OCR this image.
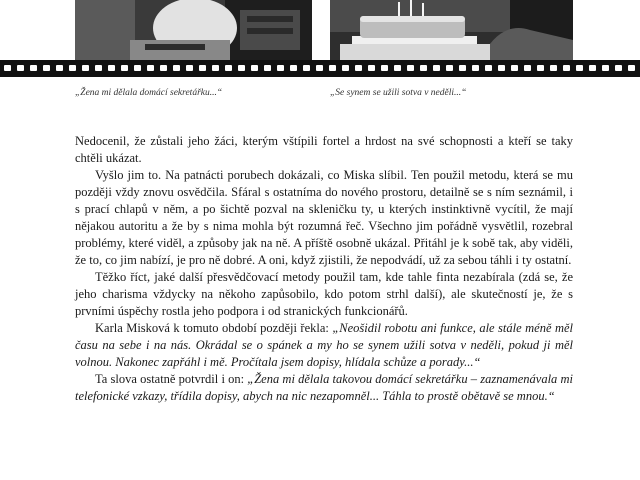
„Žena mi dělala domácí sekretářku...“	„Se synem se užili sotva v neděli...“

Nedocenil, že zůstali jeho žáci, kterým vštípili fortel a hrdost na své schopnosti a kteří se taky chtěli ukázat.

Vyšlo jim to. Na patnácti porubech dokázali, co Miska slíbil. Ten použil metodu, která se mu později vždy znovu osvědčila. Sfáral s ostatníma do nového prostoru, detailně se s ním seznámil, i s prací chlapů v něm, a po šichtě pozval na skleničku ty, u kterých instinktivně vycítil, že mají nějakou autoritu a že by s nima mohla být rozumná řeč. Všechno jim pořádně vysvětlil, rozebral problémy, které viděl, a způsoby jak na ně. A příště osobně ukázal. Přitáhl je k sobě tak, aby viděli, že to, co jim nabízí, je pro ně dobré. A oni, když zjistili, že nepodvádí, už za sebou táhli i ty ostatní.

Těžko říct, jaké další přesvědčovací metody použil tam, kde tahle finta nezabírala (zdá se, že jeho charisma vždycky na někoho zapůsobilo, kdo potom strhl další), ale skutečností je, že s prvními úspěchy rostla jeho podpora i od stranických funkcionářů.

Karla Misková k tomuto období později řekla: „Neošidil robotu ani funkce, ale stále méně měl času na sebe i na nás. Okrádal se o spánek a my ho se synem užili sotva v neděli, pokud ji měl volnou. Nakonec zapřáhl i mě. Pročítala jsem dopisy, hlídala schůze a porady...“

Ta slova ostatně potvrdil i on: „Žena mi dělala takovou domácí sekretářku – zaznamenávala mi telefonické vzkazy, třídila dopisy, abych na nic nezapomněl... Táhla to prostě obětavě se mnou.“
